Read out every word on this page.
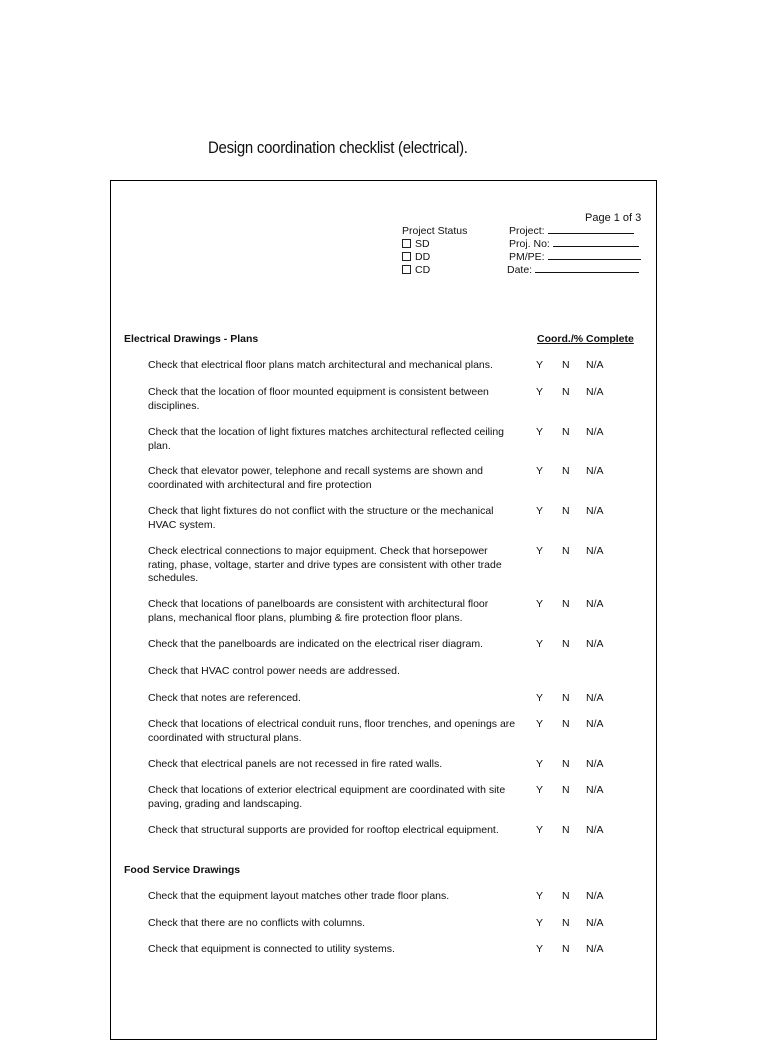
Design coordination checklist (electrical).
Page 1 of 3
Project Status
SD
DD
CD
Project:
Proj. No:
PM/PE:
Date:
Electrical Drawings - Plans	Coord./% Complete
Check that electrical floor plans match architectural and mechanical plans.	Y N N/A
Check that the location of floor mounted equipment is consistent between disciplines.
Y N N/A
Check that the location of light fixtures matches architectural reflected ceiling plan.
Y N N/A
Check that elevator power, telephone and recall systems are shown and coordinated with architectural and fire protection
Y N N/A
Check that light fixtures do not conflict with the structure or the mechanical HVAC system.
Y N N/A
Check electrical connections to major equipment. Check that horsepower rating, phase, voltage, starter and drive types are consistent with other trade schedules.
Y N N/A
Check that locations of panelboards are consistent with architectural floor plans, mechanical floor plans, plumbing & fire protection floor plans.
Y N N/A
Check that the panelboards are indicated on the electrical riser diagram.	Y N N/A
Check that HVAC control power needs are addressed.
Check that notes are referenced.	Y N N/A
Check that locations of electrical conduit runs, floor trenches, and openings are coordinated with structural plans.
Y N N/A
Check that electrical panels are not recessed in fire rated walls.	Y N N/A
Check that locations of exterior electrical equipment are coordinated with site paving, grading and landscaping.
Y N N/A
Check that structural supports are provided for rooftop electrical equipment.	Y N N/A
Food Service Drawings
Check that the equipment layout matches other trade floor plans.	Y N N/A
Check that there are no conflicts with columns.	Y N N/A
Check that equipment is connected to utility systems.	Y N N/A
